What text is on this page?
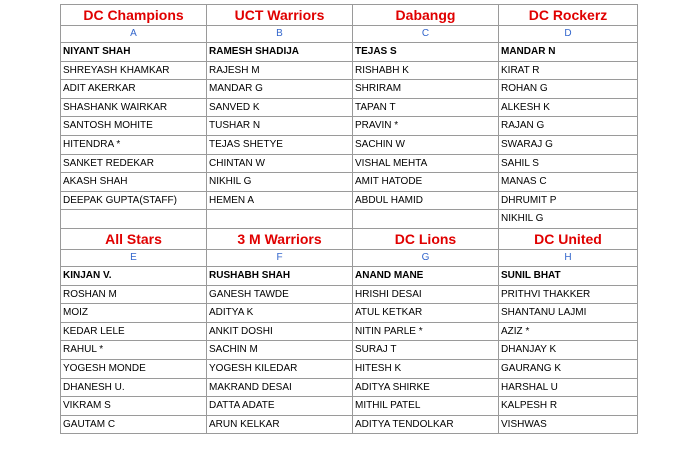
DC Champions	UCT Warriors	Dabangg	DC Rockerz
A	B	C	D
NIYANT SHAH	RAMESH SHADIJA	TEJAS S	MANDAR N
SHREYASH KHAMKAR	RAJESH M	RISHABH K	KIRAT R
ADIT AKERKAR	MANDAR G	SHRIRAM	ROHAN G
SHASHANK WAIRKAR	SANVED K	TAPAN T	ALKESH K
SANTOSH MOHITE	TUSHAR N	PRAVIN *	RAJAN G
HITENDRA *	TEJAS SHETYE	SACHIN W	SWARAJ G
SANKET REDEKAR	CHINTAN W	VISHAL MEHTA	SAHIL S
AKASH SHAH	NIKHIL G	AMIT HATODE	MANAS C
DEEPAK GUPTA(STAFF)	HEMEN A	ABDUL HAMID	DHRUMIT P
			NIKHIL G
All Stars	3 M Warriors	DC Lions	DC United
E	F	G	H
KINJAN V.	RUSHABH SHAH	ANAND MANE	SUNIL BHAT
ROSHAN M	GANESH TAWDE	HRISHI DESAI	PRITHVI THAKKER
MOIZ	ADITYA K	ATUL KETKAR	SHANTANU LAJMI
KEDAR LELE	ANKIT DOSHI	NITIN PARLE *	AZIZ *
RAHUL *	SACHIN M	SURAJ T	DHANJAY K
YOGESH MONDE	YOGESH KILEDAR	HITESH K	GAURANG K
DHANESH U.	MAKRAND DESAI	ADITYA SHIRKE	HARSHAL U
VIKRAM S	DATTA ADATE	MITHIL PATEL	KALPESH R
GAUTAM C	ARUN KELKAR	ADITYA TENDOLKAR	VISHWAS
